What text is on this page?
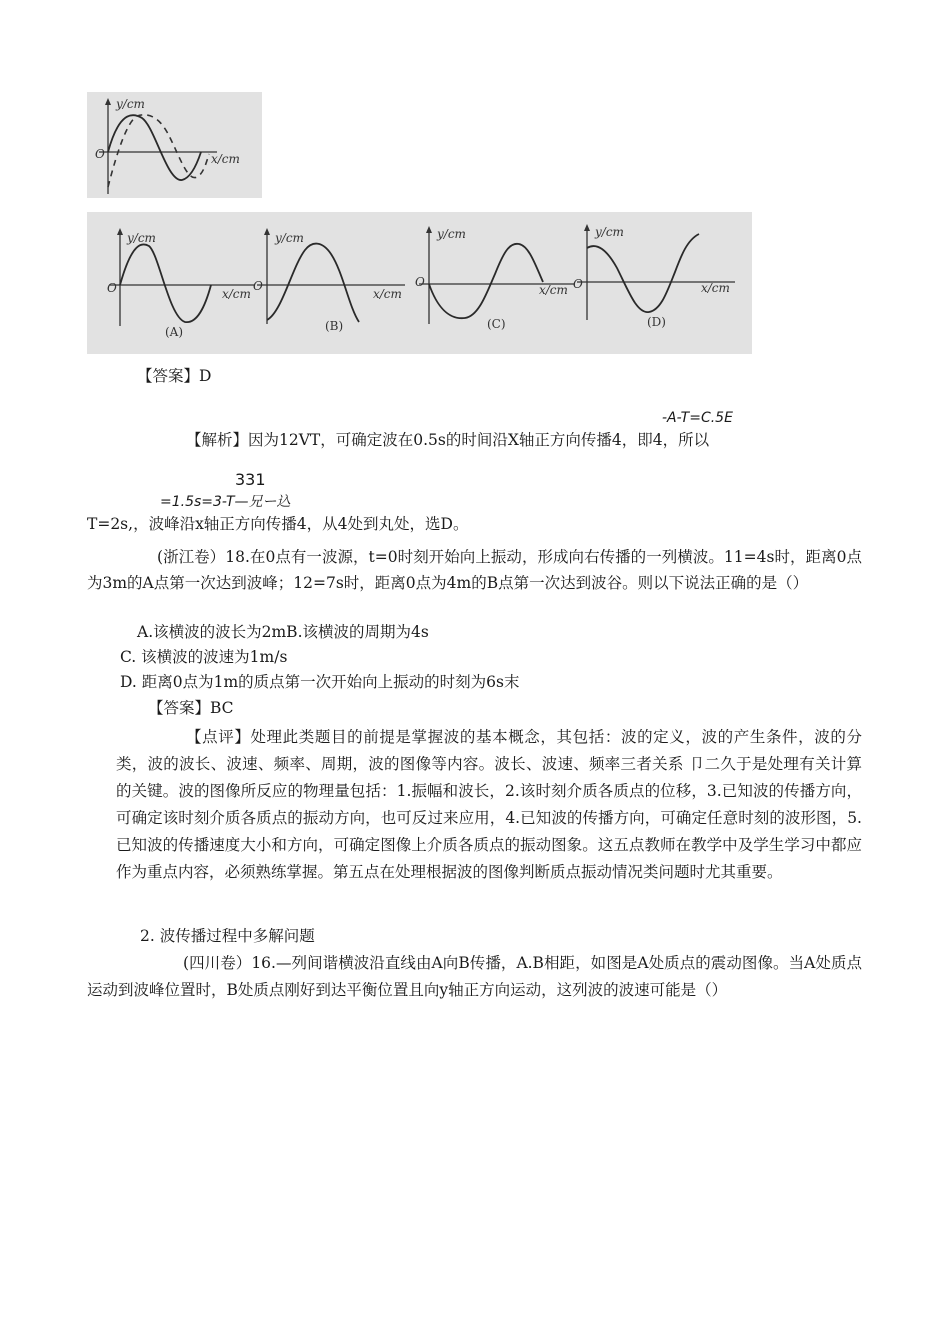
y/cm
x/cm
O
y/cm
x/cm
O
(A)
y/cm
x/cm
O
(B)
y/cm
x/cm
O
(C)
y/cm
x/cm
O
(D)
【答案】D
-A-T=C.5E
【解析】因为12VT，可确定波在0.5s的时间沿X轴正方向传播4，即4，所以
331
=1.5s=3-T—兄ー込
T=2s,，波峰沿x轴正方向传播4，从4处到丸处，选D。
(浙江卷）18.在0点有一波源，t=0时刻开始向上振动，形成向右传播的一列横波。11=4s时，距离0点为3m的A点第一次达到波峰；12=7s时，距离0点为4m的B点第一次达到波谷。则以下说法正确的是（）
A.该横波的波长为2mB.该横波的周期为4s
C. 该横波的波速为1m/s
D. 距离0点为1m的质点第一次开始向上振动的时刻为6s末
【答案】BC
【点评】处理此类题目的前提是掌握波的基本概念，其包括：波的定义，波的产生条件，波的分类，波的波长、波速、频率、周期，波的图像等内容。波长、波速、频率三者关系 卩二久于是处理有关计算的关键。波的图像所反应的物理量包括：1.振幅和波长，2.该时刻介质各质点的位移，3.已知波的传播方向，可确定该时刻介质各质点的振动方向，也可反过来应用，4.已知波的传播方向，可确定任意时刻的波形图，5.已知波的传播速度大小和方向，可确定图像上介质各质点的振动图象。这五点教师在教学中及学生学习中都应作为重点内容，必须熟练掌握。第五点在处理根据波的图像判断质点振动情况类问题时尤其重要。
2. 波传播过程中多解问题
(四川卷）16.—列间谐横波沿直线由A向B传播，A.B相距，如图是A处质点的震动图像。当A处质点运动到波峰位置时，B处质点刚好到达平衡位置且向y轴正方向运动，这列波的波速可能是（）
